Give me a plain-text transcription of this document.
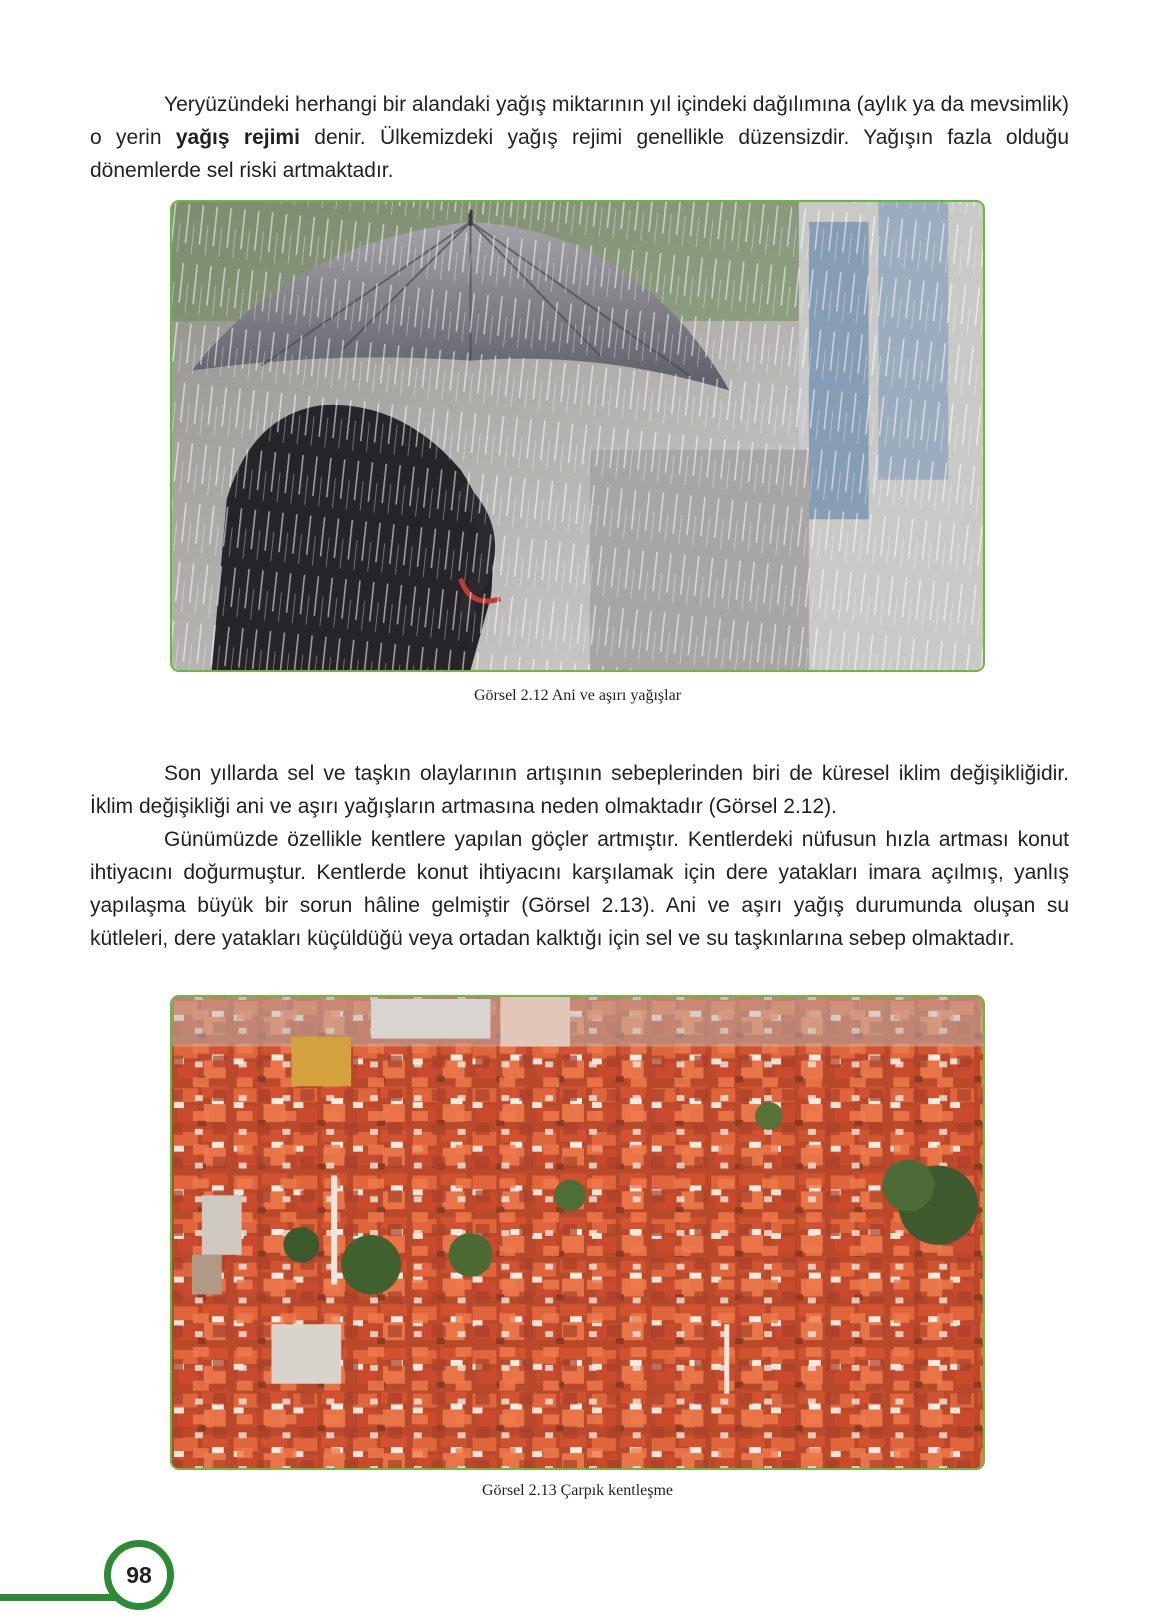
Yeryüzündeki herhangi bir alandaki yağış miktarının yıl içindeki dağılımına (aylık ya da mevsimlik) o yerin yağış rejimi denir. Ülkemizdeki yağış rejimi genellikle düzensizdir. Yağışın fazla olduğu dönemlerde sel riski artmaktadır.

Görsel 2.12 Ani ve aşırı yağışlar

Son yıllarda sel ve taşkın olaylarının artışının sebeplerinden biri de küresel iklim değişikliğidir. İklim değişikliği ani ve aşırı yağışların artmasına neden olmaktadır (Görsel 2.12).

Günümüzde özellikle kentlere yapılan göçler artmıştır. Kentlerdeki nüfusun hızla artması konut ihtiyacını doğurmuştur. Kentlerde konut ihtiyacını karşılamak için dere yatakları imara açılmış, yanlış yapılaşma büyük bir sorun hâline gelmiştir (Görsel 2.13). Ani ve aşırı yağış durumunda oluşan su kütleleri, dere yatakları küçüldüğü veya ortadan kalktığı için sel ve su taşkınlarına sebep olmaktadır.

Görsel 2.13 Çarpık kentleşme
98
